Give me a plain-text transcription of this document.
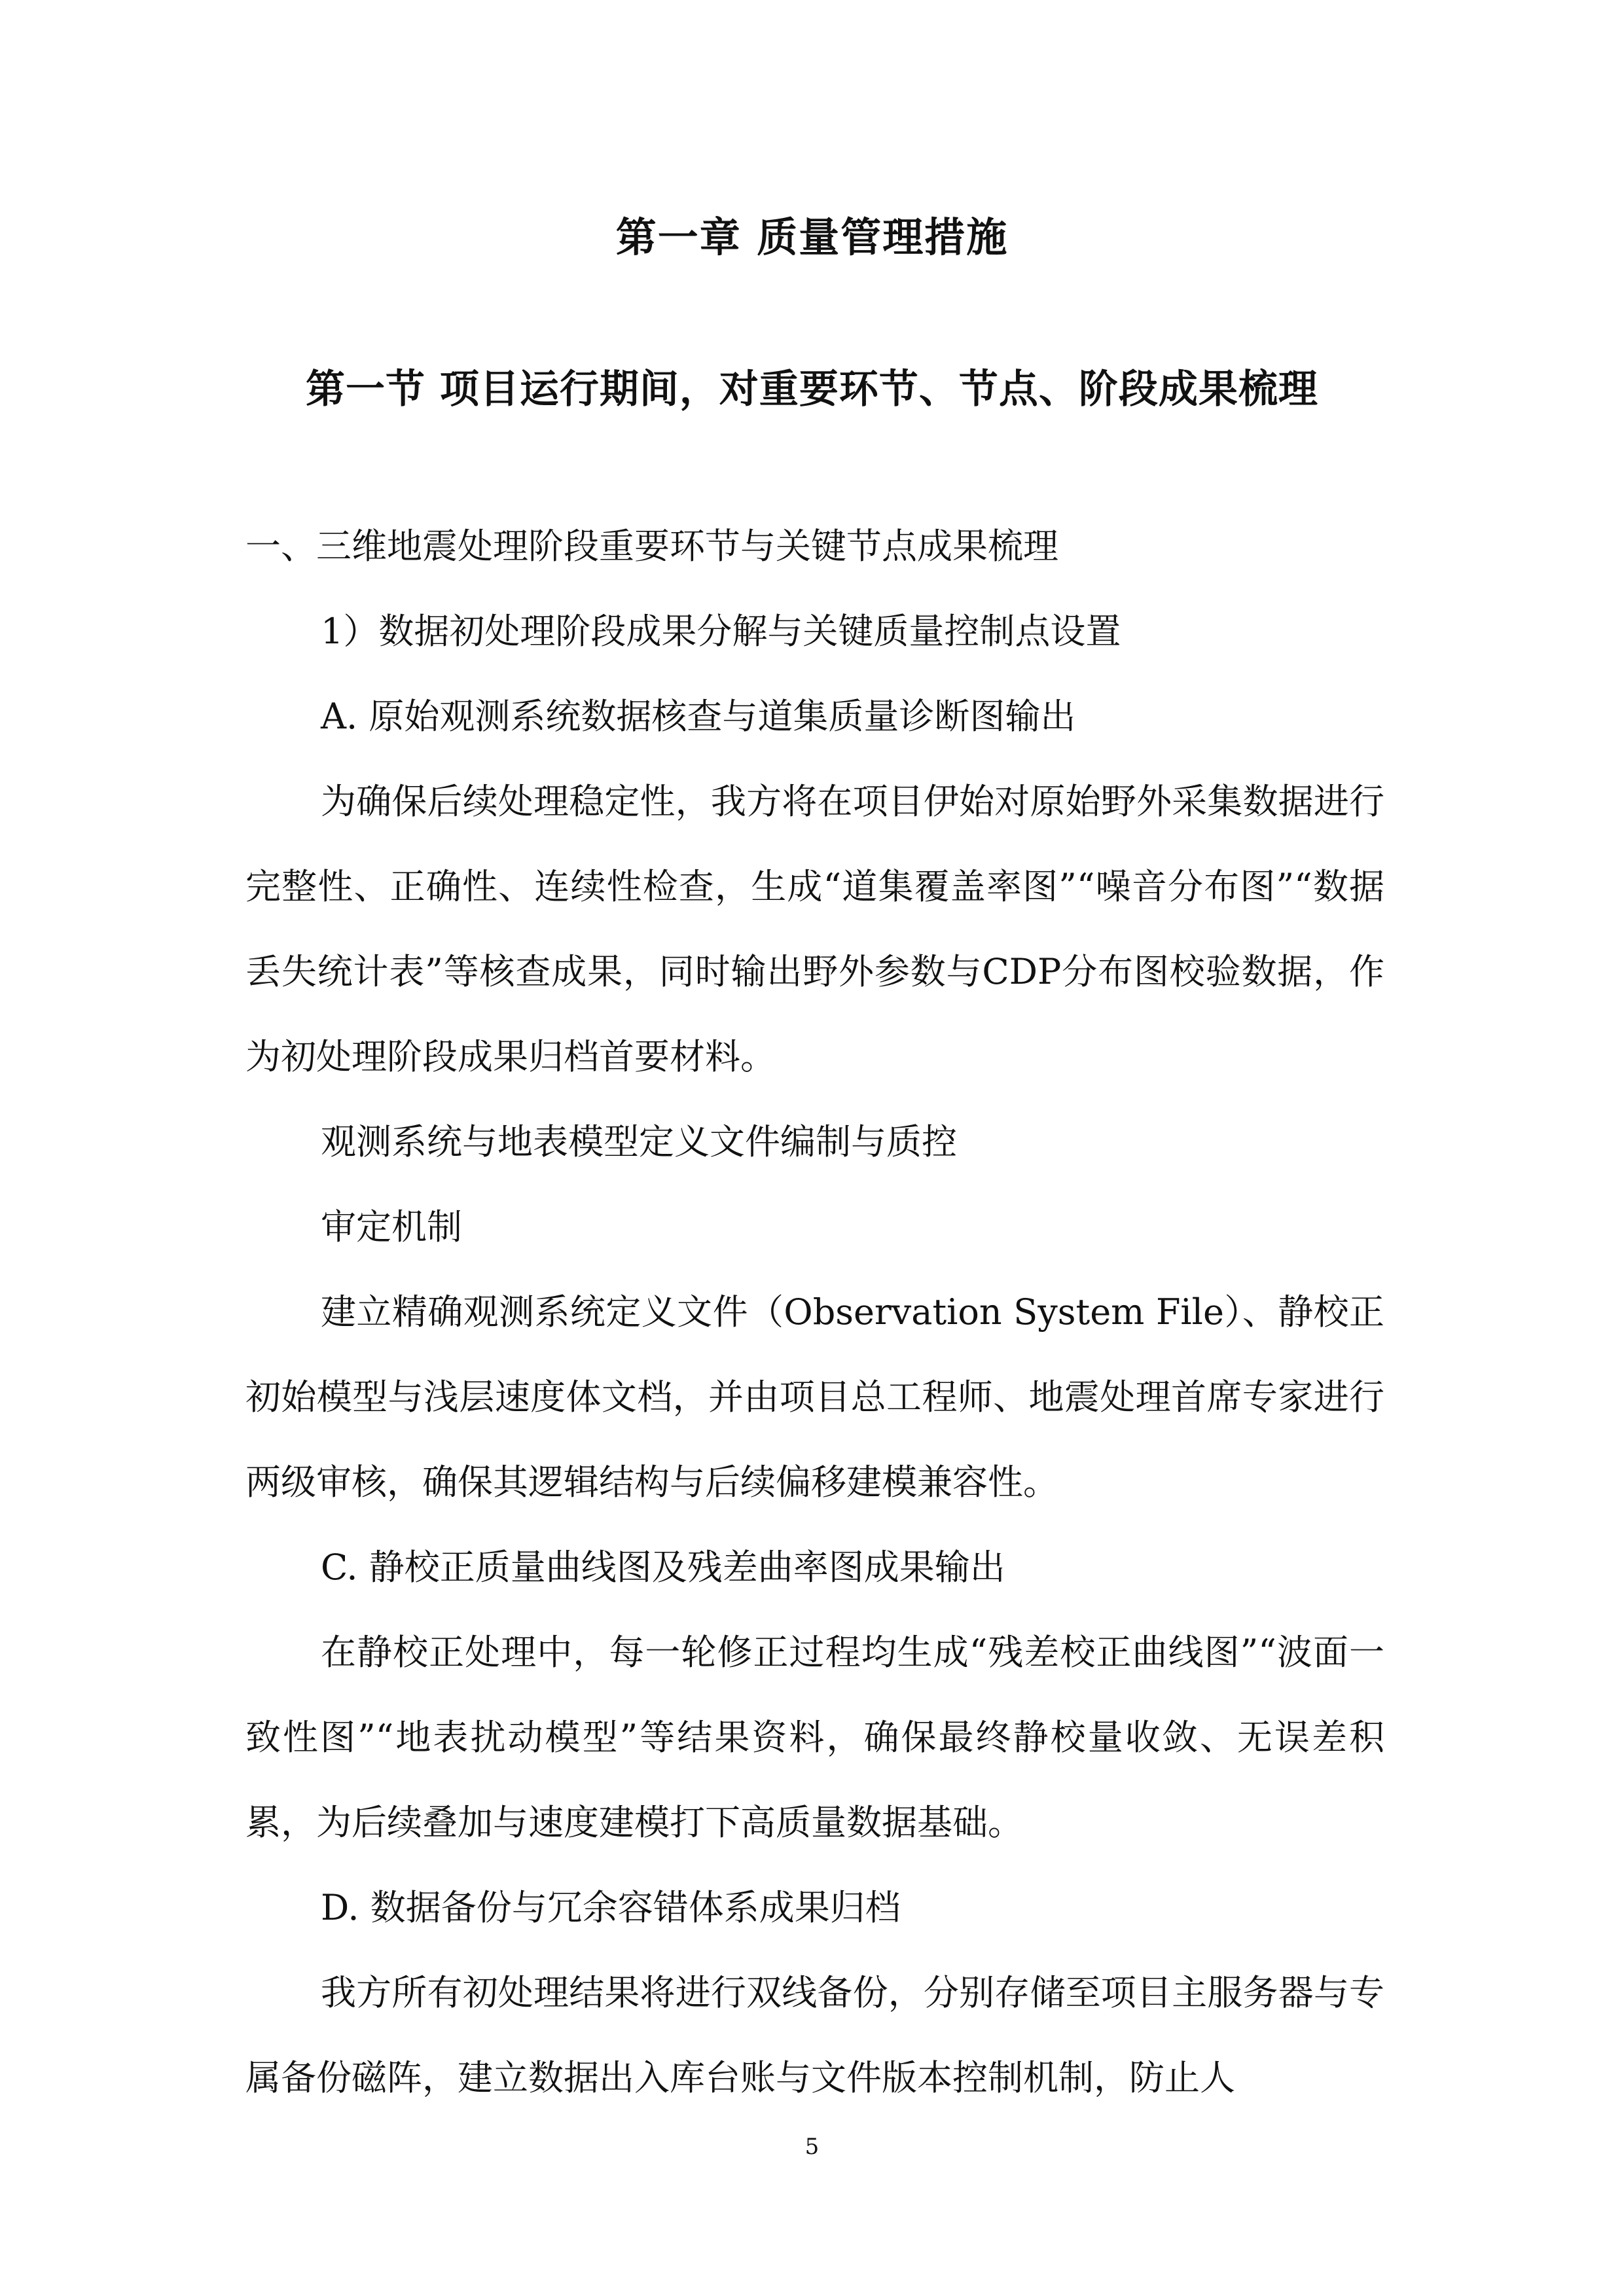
第一章 质量管理措施
第一节 项目运行期间，对重要环节、节点、阶段成果梳理

一、三维地震处理阶段重要环节与关键节点成果梳理

1）数据初处理阶段成果分解与关键质量控制点设置

A. 原始观测系统数据核查与道集质量诊断图输出

为确保后续处理稳定性，我方将在项目伊始对原始野外采集数据进行完整性、正确性、连续性检查，生成“道集覆盖率图”“噪音分布图”“数据丢失统计表”等核查成果，同时输出野外参数与CDP分布图校验数据，作为初处理阶段成果归档首要材料。

观测系统与地表模型定义文件编制与质控

审定机制

建立精确观测系统定义文件（Observation System File）、静校正初始模型与浅层速度体文档，并由项目总工程师、地震处理首席专家进行两级审核，确保其逻辑结构与后续偏移建模兼容性。

C. 静校正质量曲线图及残差曲率图成果输出

在静校正处理中，每一轮修正过程均生成“残差校正曲线图”“波面一致性图”“地表扰动模型”等结果资料，确保最终静校量收敛、无误差积累，为后续叠加与速度建模打下高质量数据基础。

D. 数据备份与冗余容错体系成果归档

我方所有初处理结果将进行双线备份，分别存储至项目主服务器与专属备份磁阵，建立数据出入库台账与文件版本控制机制，防止人

5
